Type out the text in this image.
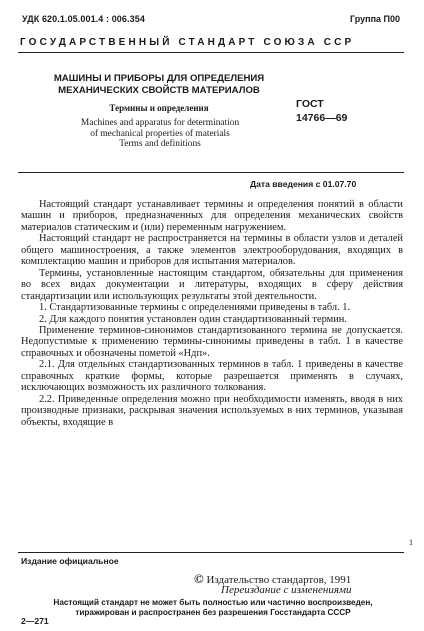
УДК 620.1.05.001.4 : 006.354	Группа П00
ГОСУДАРСТВЕННЫЙ СТАНДАРТ СОЮЗА ССР
МАШИНЫ И ПРИБОРЫ ДЛЯ ОПРЕДЕЛЕНИЯ
МЕХАНИЧЕСКИХ СВОЙСТВ МАТЕРИАЛОВ
Термины и определения
Machines and apparatus for determination
of mechanical properties of materials
Terms and definitions
ГОСТ
14766—69
Дата введения с 01.07.70

Настоящий стандарт устанавливает термины и определения понятий в области машин и приборов, предназначенных для определения механических свойств материалов статическим и (или) переменным нагружением.

Настоящий стандарт не распространяется на термины в области узлов и деталей общего машиностроения, а также элементов электрооборудования, входящих в комплектацию машин и приборов для испытания материалов.

Термины, установленные настоящим стандартом, обязательны для применения во всех видах документации и литературы, входящих в сферу действия стандартизации или использующих результаты этой деятельности.

1. Стандартизованные термины с определениями приведены в табл. 1.

2. Для каждого понятия установлен один стандартизованный термин.

Применение терминов-синонимов стандартизованного термина не допускается. Недопустимые к применению термины-синонимы приведены в табл. 1 в качестве справочных и обозначены пометой «Ндп».

2.1. Для отдельных стандартизованных терминов в табл. 1 приведены в качестве справочных краткие формы, которые разрешается применять в случаях, исключающих возможность их различного толкования.

2.2. Приведенные определения можно при необходимости изменять, вводя в них производные признаки, раскрывая значения используемых в них терминов, указывая объекты, входящие в

1
Издание официальное
© Издательство стандартов, 1991
Переиздание с изменениями
Настоящий стандарт не может быть полностью или частично воспроизведен,
тиражирован и распространен без разрешения Госстандарта СССР
2—271
